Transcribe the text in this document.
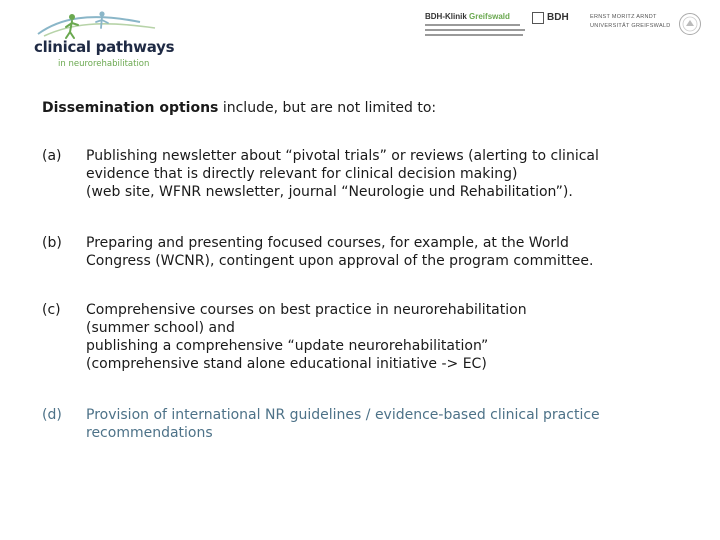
clinical pathways

in neurorehabilitation

BDH-Klinik Greifswald	BDH	ERNST MORITZ ARNDT
UNIVERSITÄT GREIFSWALD

Dissemination options include, but are not limited to:

(a) Publishing newsletter about “pivotal trials” or reviews (alerting to clinical
evidence that is directly relevant for clinical decision making)
(web site, WFNR newsletter, journal “Neurologie und Rehabilitation”).
(b) Preparing and presenting focused courses, for example, at the World
Congress (WCNR), contingent upon approval of the program committee.
(c) Comprehensive courses on best practice in neurorehabilitation
(summer school) and
publishing a comprehensive “update neurorehabilitation”
(comprehensive stand alone educational initiative -> EC)
(d) Provision of international NR guidelines / evidence-based clinical practice
recommendations
